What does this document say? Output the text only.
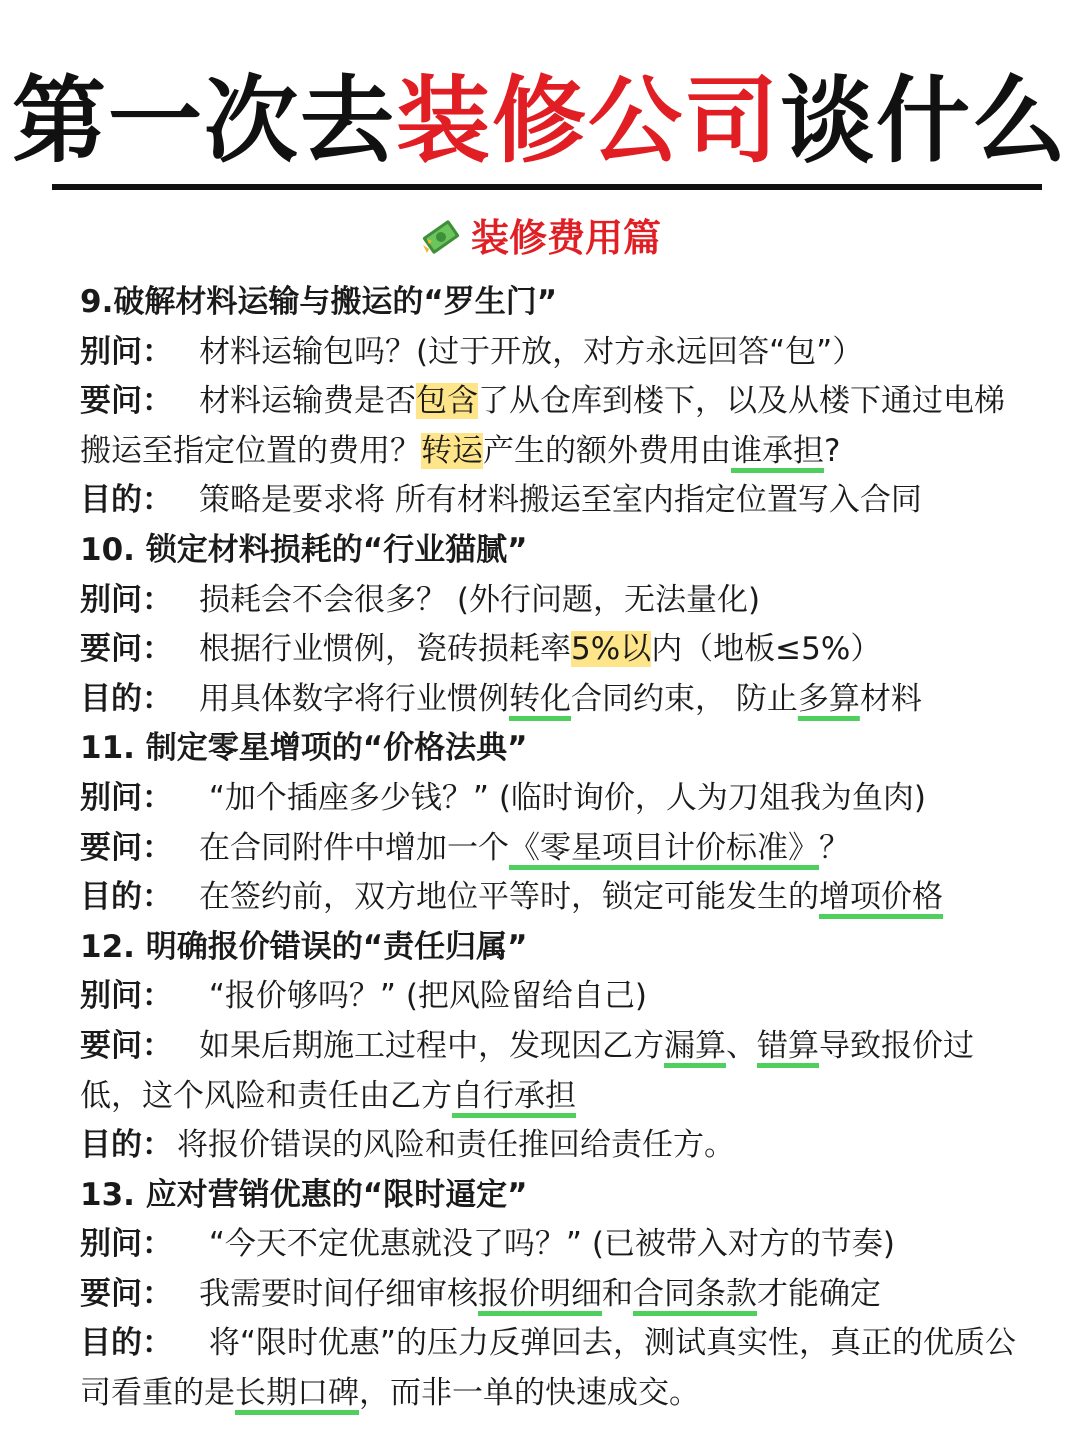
第一次去装修公司谈什么
装修费用篇
9.破解材料运输与搬运的“罗生门”
别问： 材料运输包吗？(过于开放，对方永远回答“包”）
要问： 材料运输费是否包含了从仓库到楼下，以及从楼下通过电梯搬运至指定位置的费用？转运产生的额外费用由谁承担?
目的： 策略是要求将 所有材料搬运至室内指定位置写入合同
10. 锁定材料损耗的“行业猫腻”
别问： 损耗会不会很多？ (外行问题，无法量化)
要问： 根据行业惯例，瓷砖损耗率5%以内（地板≤5%）
目的： 用具体数字将行业惯例转化合同约束， 防止多算材料
11. 制定零星增项的“价格法典”
别问： “加个插座多少钱？” (临时询价，人为刀俎我为鱼肉)
要问： 在合同附件中增加一个《零星项目计价标准》？
目的： 在签约前，双方地位平等时，锁定可能发生的增项价格
12. 明确报价错误的“责任归属”
别问： “报价够吗？” (把风险留给自己)
要问： 如果后期施工过程中，发现因乙方漏算、错算导致报价过低，这个风险和责任由乙方自行承担
目的： 将报价错误的风险和责任推回给责任方。
13. 应对营销优惠的“限时逼定”
别问： “今天不定优惠就没了吗？” (已被带入对方的节奏)
要问： 我需要时间仔细审核报价明细和合同条款才能确定
目的： 将“限时优惠”的压力反弹回去，测试真实性，真正的优质公司看重的是长期口碑，而非一单的快速成交。
